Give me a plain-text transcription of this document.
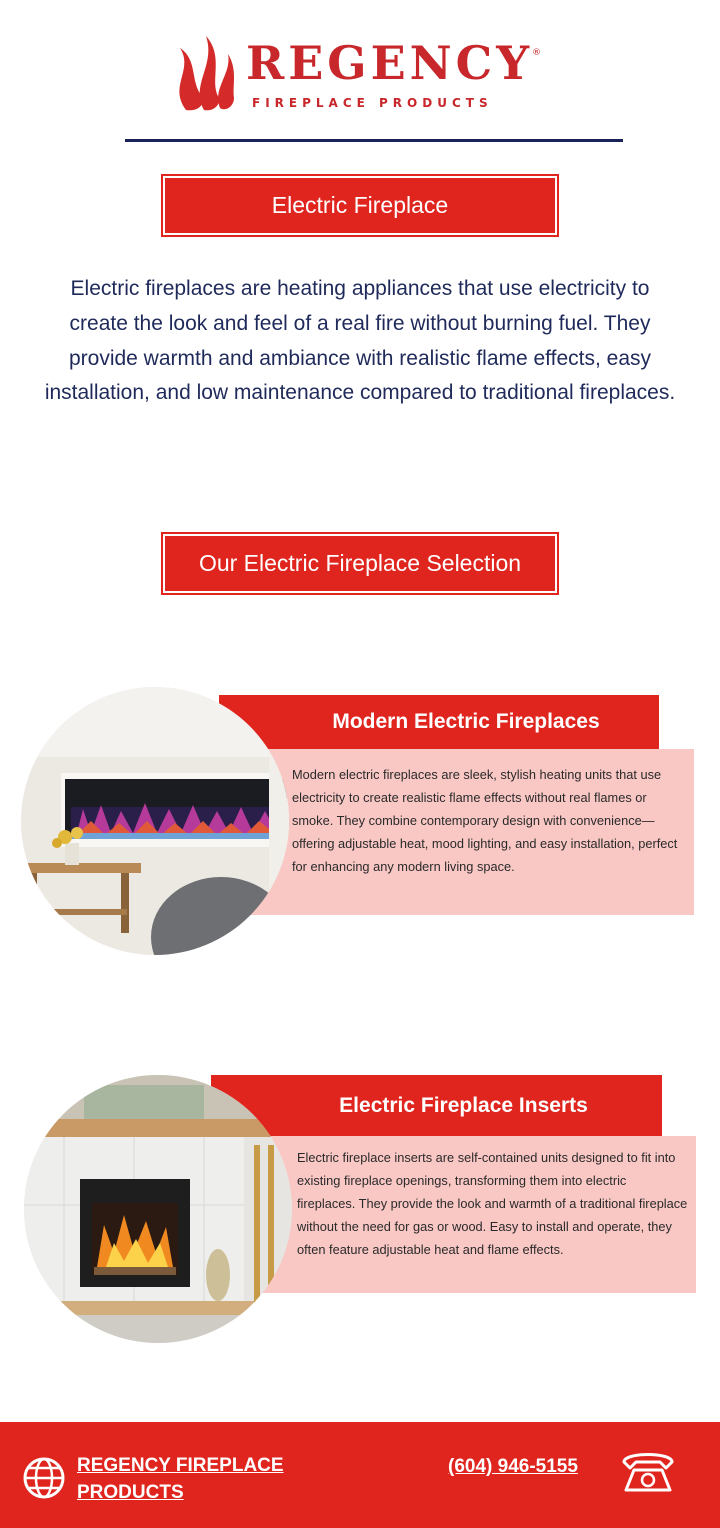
REGENCY
®
FIREPLACE PRODUCTS
Electric Fireplace

Electric fireplaces are heating appliances that use electricity to create the look and feel of a real fire without burning fuel. They provide warmth and ambiance with realistic flame effects, easy installation, and low maintenance compared to traditional fireplaces.

Our Electric Fireplace Selection
Modern Electric Fireplaces
Modern electric fireplaces are sleek, stylish heating units that use electricity to create realistic flame effects without real flames or smoke. They combine contemporary design with convenience—offering adjustable heat, mood lighting, and easy installation, perfect for enhancing any modern living space.
Electric Fireplace Inserts
Electric fireplace inserts are self-contained units designed to fit into existing fireplace openings, transforming them into electric fireplaces. They provide the look and warmth of a traditional fireplace without the need for gas or wood. Easy to install and operate, they often feature adjustable heat and flame effects.
REGENCY FIREPLACE PRODUCTS
(604) 946-5155
